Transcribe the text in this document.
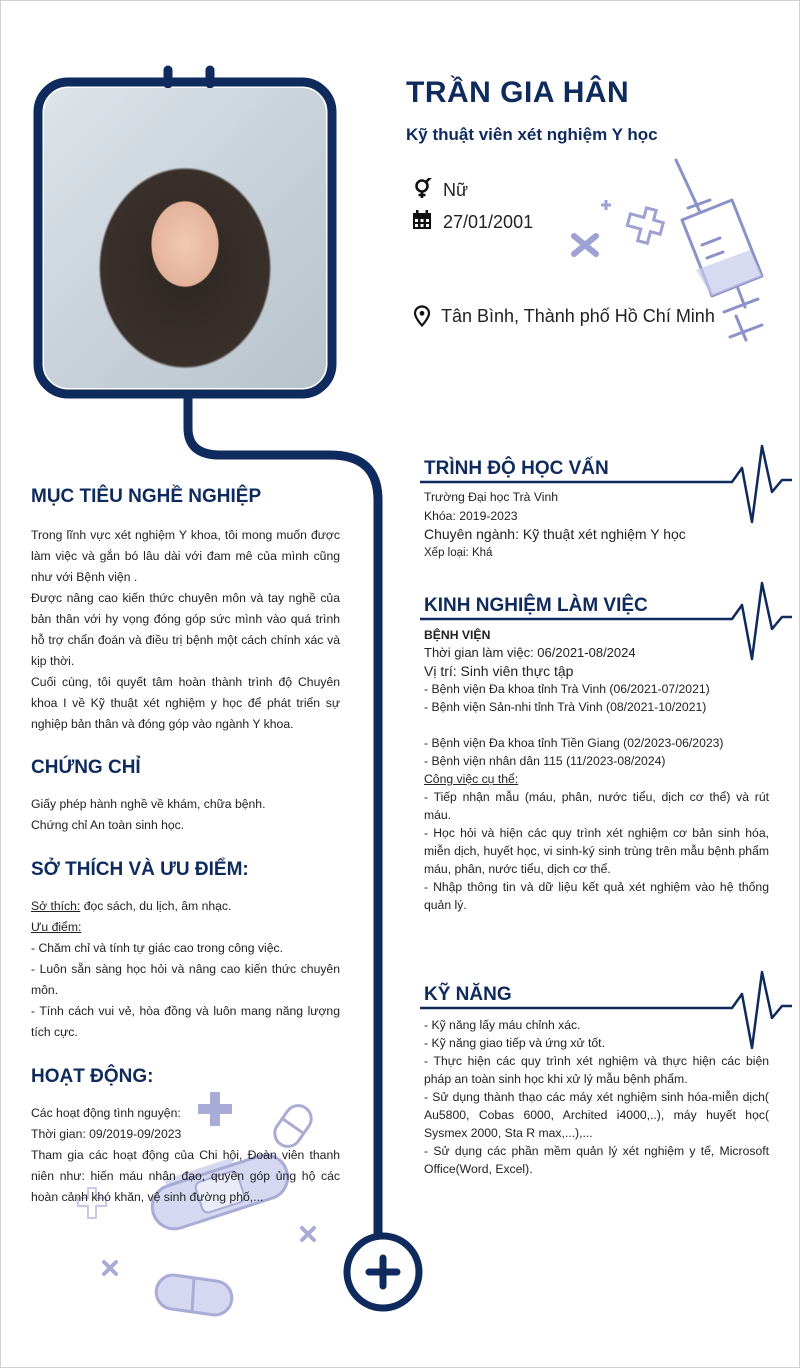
TRẦN GIA HÂN
Kỹ thuật viên xét nghiệm Y học
Nữ
27/01/2001
Tân Bình, Thành phố Hồ Chí Minh
MỤC TIÊU NGHỀ NGHIỆP

Trong lĩnh vực xét nghiệm Y khoa, tôi mong muốn được làm việc và gắn bó lâu dài với đam mê của mình cũng như với Bệnh viện .

Được nâng cao kiến thức chuyên môn và tay nghề của bản thân với hy vọng đóng góp sức mình vào quá trình hỗ trợ chẩn đoán và điều trị bệnh một cách chính xác và kịp thời.

Cuối cùng, tôi quyết tâm hoàn thành trình độ Chuyên khoa I về Kỹ thuật xét nghiệm y học để phát triển sự nghiệp bản thân và đóng góp vào ngành Y khoa.

CHỨNG CHỈ

Giấy phép hành nghề về khám, chữa bệnh.

Chứng chỉ An toàn sinh học.

SỞ THÍCH VÀ ƯU ĐIỂM:

Sở thích: đọc sách, du lịch, âm nhạc.

Ưu điểm:

- Chăm chỉ và tính tự giác cao trong công việc.

- Luôn sẵn sàng học hỏi và nâng cao kiến thức chuyên môn.

- Tính cách vui vẻ, hòa đồng và luôn mang năng lượng tích cực.

HOẠT ĐỘNG:

Các hoạt động tình nguyện:

Thời gian: 09/2019-09/2023

Tham gia các hoạt động của Chi hội, Đoàn viên thanh niên như: hiến máu nhân đạo, quyên góp ủng hộ các hoàn cảnh khó khăn, vệ sinh đường phố,...

TRÌNH ĐỘ HỌC VẤN

Trường Đại học Trà Vinh

Khóa: 2019-2023

Chuyên ngành: Kỹ thuật xét nghiệm Y học

Xếp loại: Khá

KINH NGHIỆM LÀM VIỆC

BỆNH VIỆN

Thời gian làm việc: 06/2021-08/2024

Vị trí: Sinh viên thực tập

- Bệnh viện Đa khoa tỉnh Trà Vinh (06/2021-07/2021)

- Bệnh viện Sản-nhi tỉnh Trà Vinh (08/2021-10/2021)

- Bệnh viện Đa khoa tỉnh Tiền Giang (02/2023-06/2023)

- Bệnh viện nhân dân 115 (11/2023-08/2024)

Công việc cụ thể:

- Tiếp nhận mẫu (máu, phân, nước tiểu, dịch cơ thể) và rút máu.

- Học hỏi và hiện các quy trình xét nghiệm cơ bản sinh hóa, miễn dịch, huyết học, vi sinh-ký sinh trùng trên mẫu bệnh phẩm máu, phân, nước tiểu, dịch cơ thể.

- Nhập thông tin và dữ liệu kết quả xét nghiệm vào hệ thống quản lý.

KỸ NĂNG

- Kỹ năng lấy máu chỉnh xác.

- Kỹ năng giao tiếp và ứng xử tốt.

- Thực hiện các quy trình xét nghiệm và thực hiện các biện pháp an toàn sinh học khi xử lý mẫu bệnh phẩm.

- Sử dụng thành thạo các máy xét nghiệm sinh hóa-miễn dịch( Au5800, Cobas 6000, Archited i4000,..), máy huyết học( Sysmex 2000, Sta R max,...),...

- Sử dụng các phần mềm quản lý xét nghiệm y tế, Microsoft Office(Word, Excel).
